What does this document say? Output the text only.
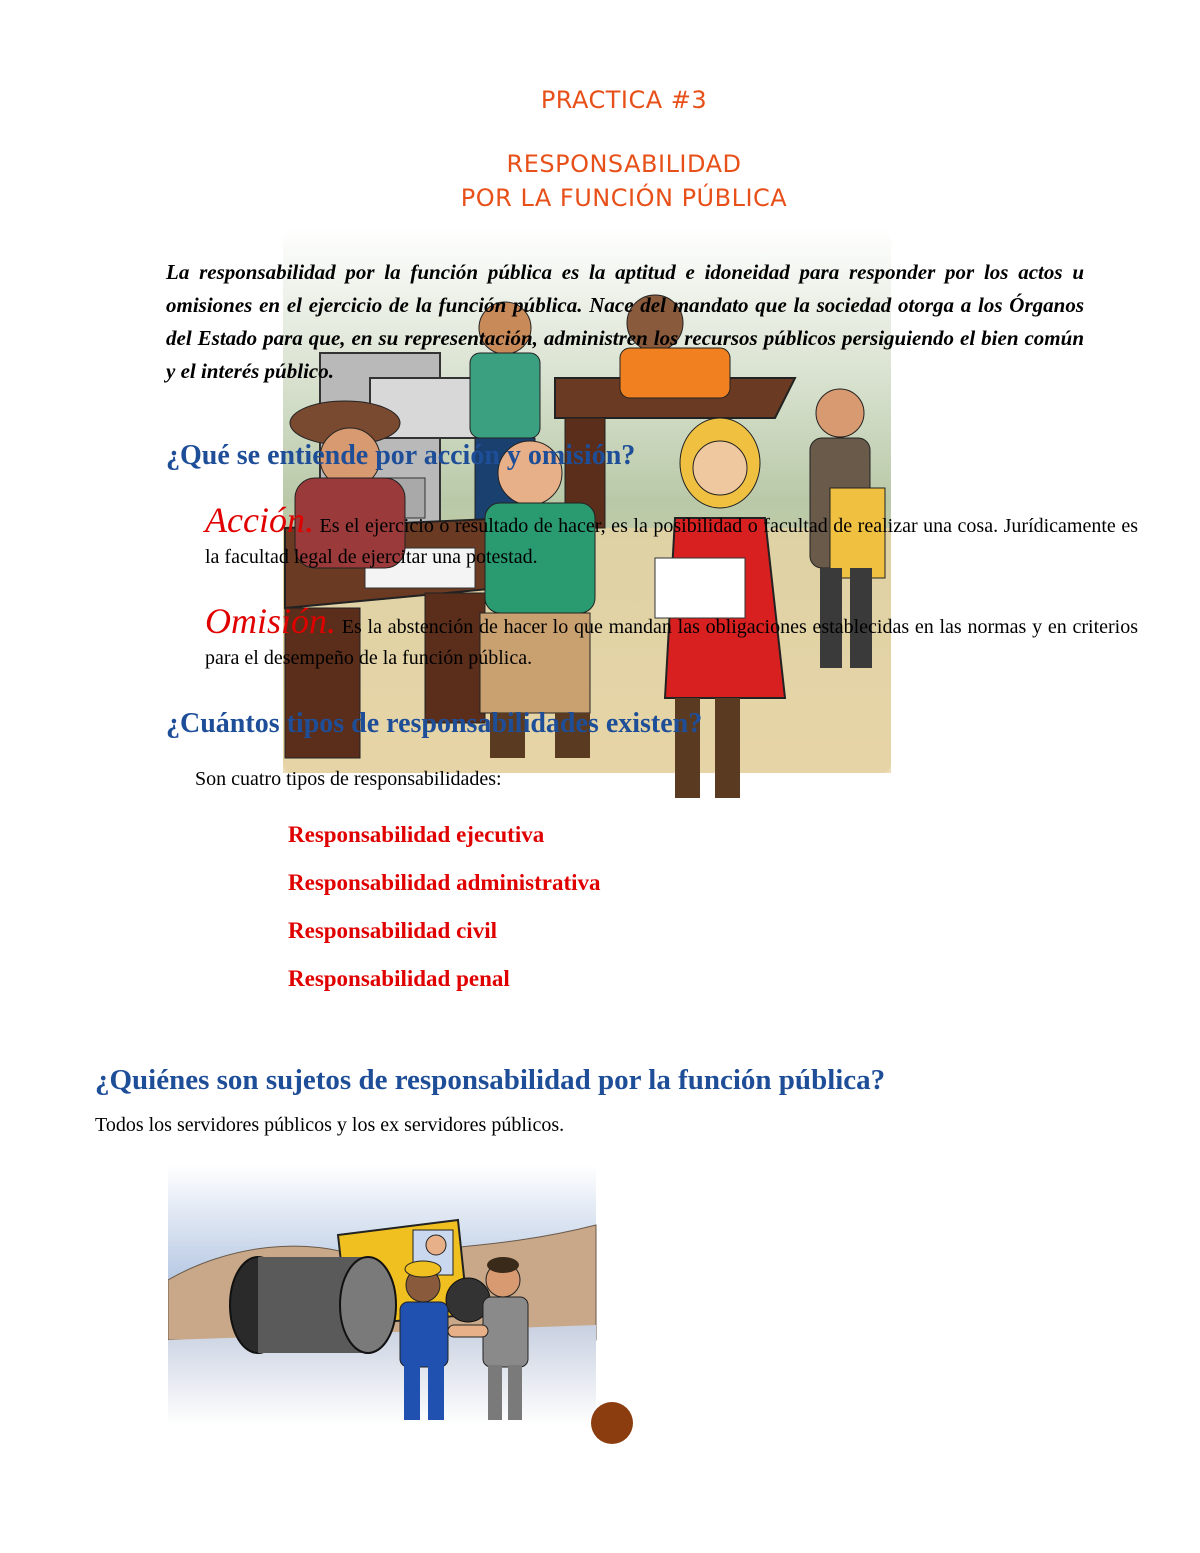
PRACTICA #3
RESPONSABILIDAD
POR LA FUNCIÓN PÚBLICA
La responsabilidad por la función pública es la aptitud e idoneidad para responder por los actos u omisiones en el ejercicio de la función pública. Nace del mandato que la sociedad otorga a los Órganos del Estado para que, en su representación, administren los recursos públicos persiguiendo el bien común y el interés público.
¿Qué se entiende por acción y omisión?
Acción. Es el ejercicio o resultado de hacer, es la posibilidad o facultad de realizar una cosa. Jurídicamente es la facultad legal de ejercitar una potestad.
Omisión. Es la abstención de hacer lo que mandan las obligaciones establecidas en las normas y en criterios para el desempeño de la función pública.
¿Cuántos tipos de responsabilidades existen?
Son cuatro tipos de responsabilidades:
Responsabilidad ejecutiva
Responsabilidad administrativa
Responsabilidad civil
Responsabilidad penal
¿Quiénes son sujetos de responsabilidad por la función pública?
Todos los servidores públicos y los ex servidores públicos.
